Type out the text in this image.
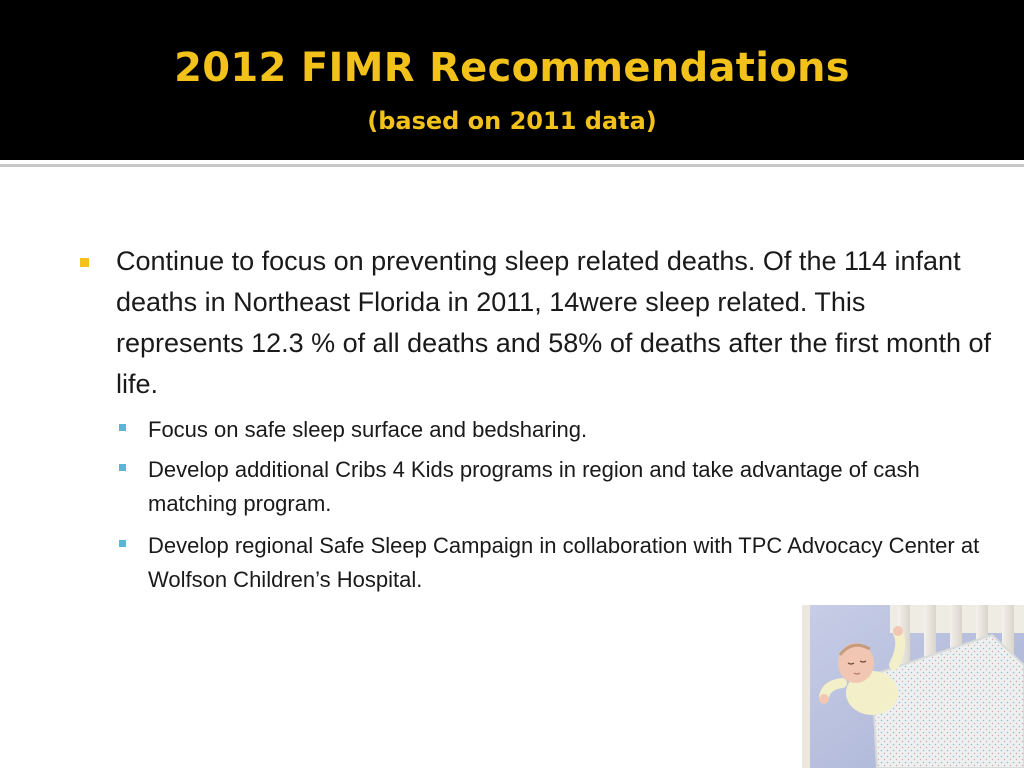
2012 FIMR Recommendations
(based on 2011 data)
Continue to focus on preventing sleep related deaths. Of the 114 infant deaths in Northeast Florida in 2011, 14were sleep related. This represents 12.3 % of all deaths and 58% of deaths after the first month of life.
Focus on safe sleep surface and bedsharing.
Develop additional Cribs 4 Kids programs in region and take advantage of cash matching program.
Develop regional Safe Sleep Campaign in collaboration with TPC Advocacy Center at Wolfson Children’s Hospital.
